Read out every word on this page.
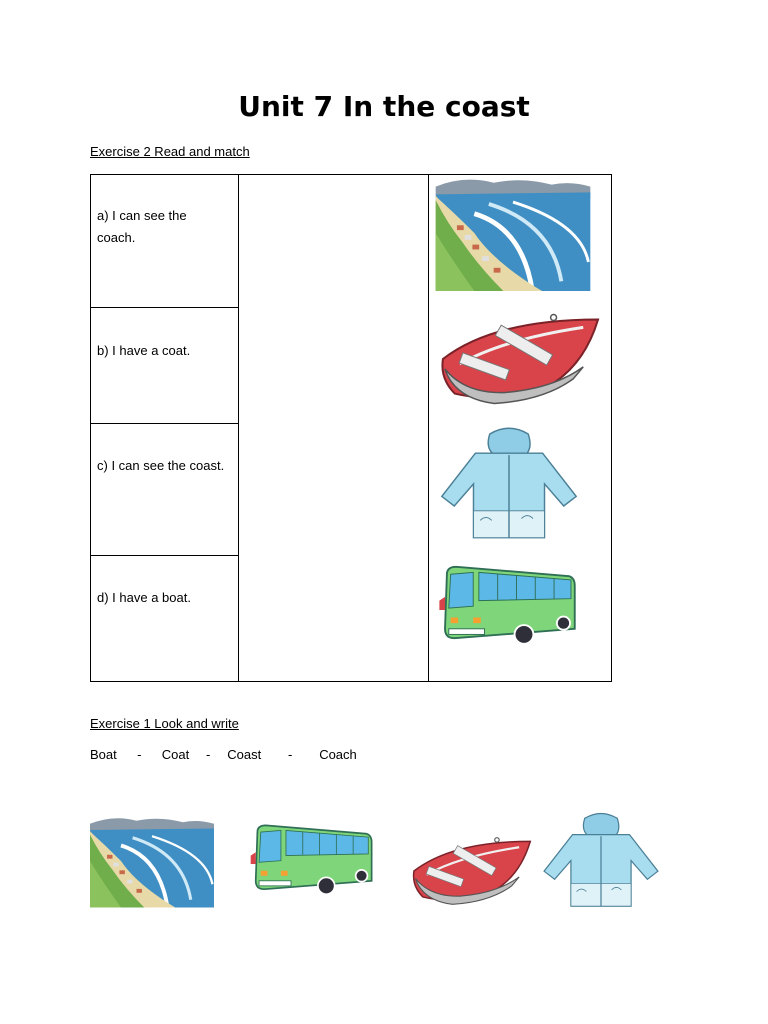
Unit 7 In the coast
Exercise 2 Read and match
a) I can see the coach.
b) I have a coat.
c) I can see the coast.
d) I have a boat.
Exercise 1 Look and write
Boat	-	Coat	-	Coast	-	Coach
